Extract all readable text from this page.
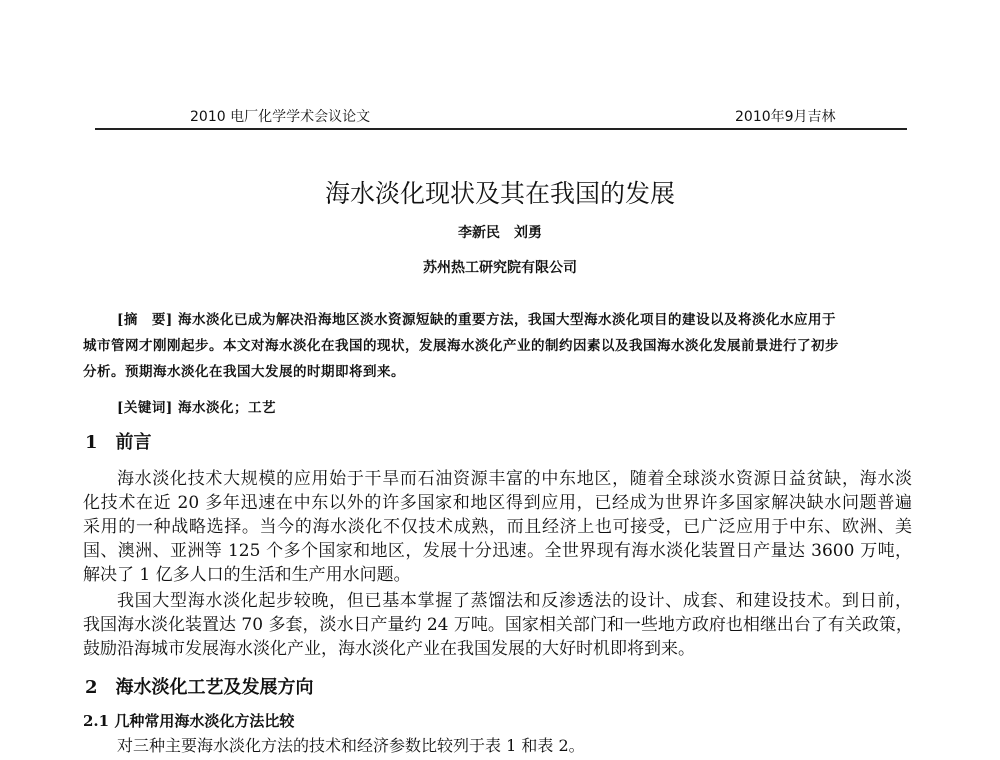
2010 电厂化学学术会议论文	2010年9月吉林
海水淡化现状及其在我国的发展
李新民　刘勇
苏州热工研究院有限公司
[摘　要] 海水淡化已成为解决沿海地区淡水资源短缺的重要方法，我国大型海水淡化项目的建设以及将淡化水应用于
城市管网才刚刚起步。本文对海水淡化在我国的现状，发展海水淡化产业的制约因素以及我国海水淡化发展前景进行了初步
分析。预期海水淡化在我国大发展的时期即将到来。
[关键词] 海水淡化；工艺
1　前言
海水淡化技术大规模的应用始于干旱而石油资源丰富的中东地区，随着全球淡水资源日益贫缺，海水淡
化技术在近 20 多年迅速在中东以外的许多国家和地区得到应用，已经成为世界许多国家解决缺水问题普遍
采用的一种战略选择。当今的海水淡化不仅技术成熟，而且经济上也可接受，已广泛应用于中东、欧洲、美
国、澳洲、亚洲等 125 个多个国家和地区，发展十分迅速。全世界现有海水淡化装置日产量达 3600 万吨，
解决了 1 亿多人口的生活和生产用水问题。
我国大型海水淡化起步较晚，但已基本掌握了蒸馏法和反渗透法的设计、成套、和建设技术。到日前，
我国海水淡化装置达 70 多套，淡水日产量约 24 万吨。国家相关部门和一些地方政府也相继出台了有关政策，
鼓励沿海城市发展海水淡化产业，海水淡化产业在我国发展的大好时机即将到来。
2　海水淡化工艺及发展方向
2.1 几种常用海水淡化方法比较
对三种主要海水淡化方法的技术和经济参数比较列于表 1 和表 2。
